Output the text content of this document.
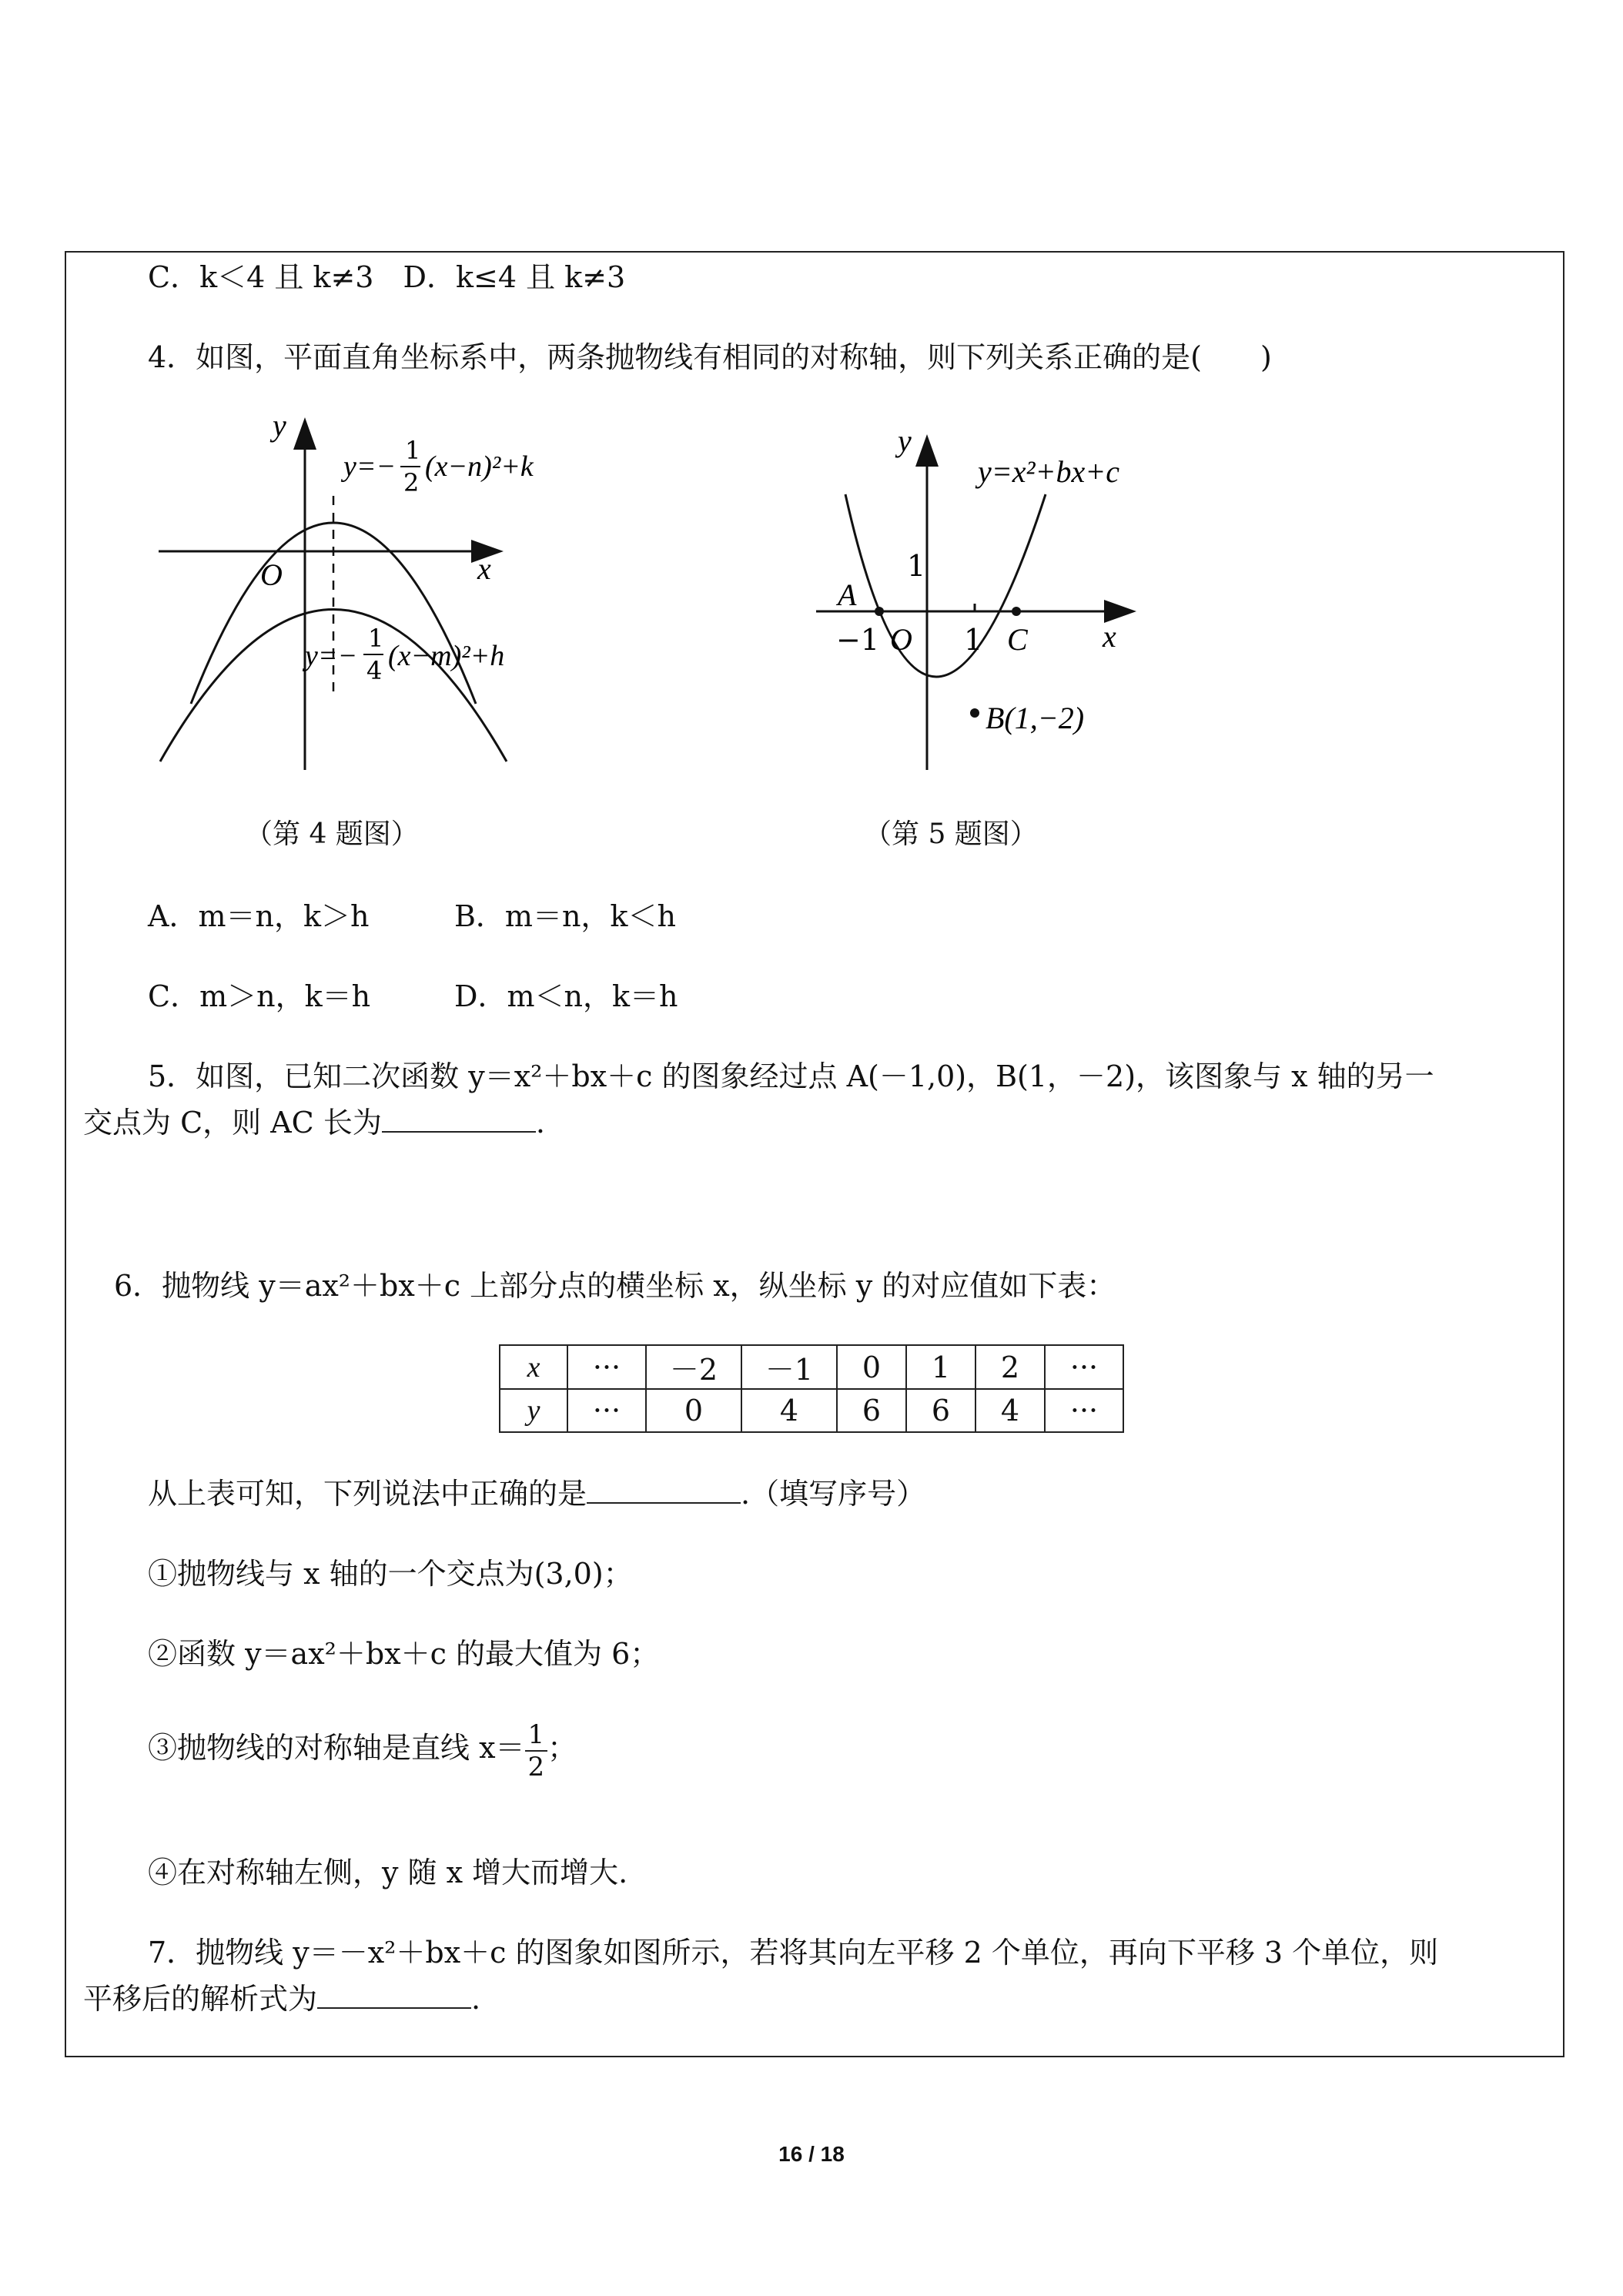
C．k＜4 且 k≠3　D．k≤4 且 k≠3
4．如图，平面直角坐标系中，两条抛物线有相同的对称轴，则下列关系正确的是(　　)
y
x
O
y=− 1
2 (x−n)²+k
y=−
1
4 (x−m)²+h
y
x
O
y=x²+bx+c
A
C
B(1,−2)
−1	1
1
（第 4 题图）	（第 5 题图）
A．m＝n，k＞h	B．m＝n，k＜h
C．m＞n，k＝h	D．m＜n，k＝h
5．如图，已知二次函数 y＝x²＋bx＋c 的图象经过点 A(－1,0)，B(1，－2)，该图象与 x 轴的另一
交点为 C，则 AC 长为	.
6．抛物线 y＝ax²＋bx＋c 上部分点的横坐标 x，纵坐标 y 的对应值如下表：
x	···	－2	－1	0	1	2	···
y	···	0	4	6	6	4	···
从上表可知，下列说法中正确的是	.（填写序号）
①抛物线与 x 轴的一个交点为(3,0)；
②函数 y＝ax²＋bx＋c 的最大值为 6；
③抛物线的对称轴是直线 $x= \frac{1}{2}$ ；
④在对称轴左侧，y 随 x 增大而增大.
7．抛物线 y＝－x²＋bx＋c 的图象如图所示，若将其向左平移 2 个单位，再向下平移 3 个单位，则
平移后的解析式为	.
16 / 18
